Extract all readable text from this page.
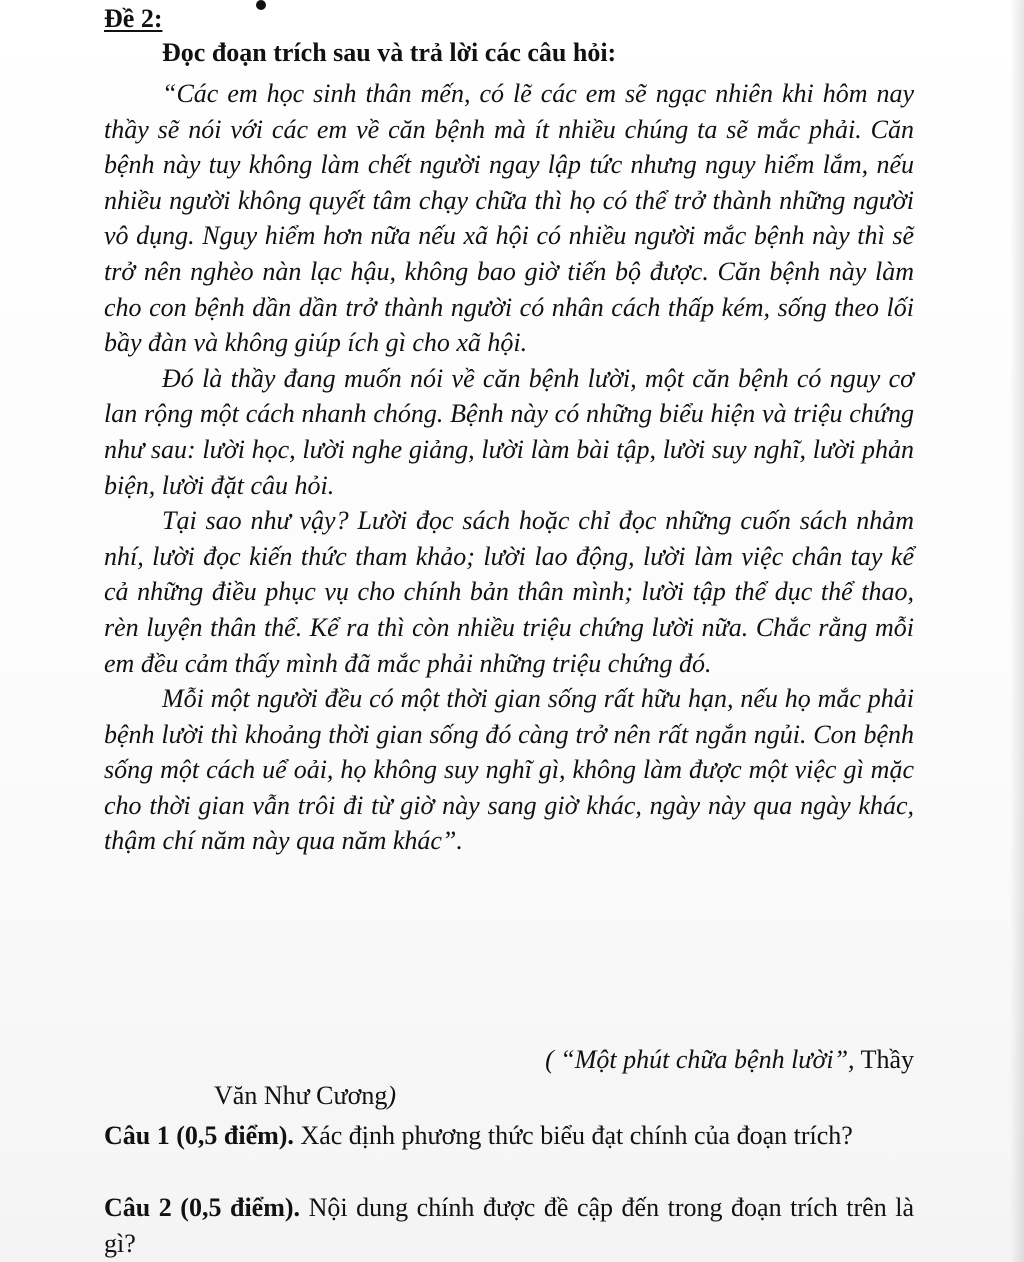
Đề 2:
Đọc đoạn trích sau và trả lời các câu hỏi:

“Các em học sinh thân mến, có lẽ các em sẽ ngạc nhiên khi hôm nay thầy sẽ nói với các em về căn bệnh mà ít nhiều chúng ta sẽ mắc phải. Căn bệnh này tuy không làm chết người ngay lập tức nhưng nguy hiểm lắm, nếu nhiều người không quyết tâm chạy chữa thì họ có thể trở thành những người vô dụng. Nguy hiểm hơn nữa nếu xã hội có nhiều người mắc bệnh này thì sẽ trở nên nghèo nàn lạc hậu, không bao giờ tiến bộ được. Căn bệnh này làm cho con bệnh dần dần trở thành người có nhân cách thấp kém, sống theo lối bầy đàn và không giúp ích gì cho xã hội.

Đó là thầy đang muốn nói về căn bệnh lười, một căn bệnh có nguy cơ lan rộng một cách nhanh chóng. Bệnh này có những biểu hiện và triệu chứng như sau: lười học, lười nghe giảng, lười làm bài tập, lười suy nghĩ, lười phản biện, lười đặt câu hỏi.

Tại sao như vậy? Lười đọc sách hoặc chỉ đọc những cuốn sách nhảm nhí, lười đọc kiến thức tham khảo; lười lao động, lười làm việc chân tay kể cả những điều phục vụ cho chính bản thân mình; lười tập thể dục thể thao, rèn luyện thân thể. Kể ra thì còn nhiều triệu chứng lười nữa. Chắc rằng mỗi em đều cảm thấy mình đã mắc phải những triệu chứng đó.

Mỗi một người đều có một thời gian sống rất hữu hạn, nếu họ mắc phải bệnh lười thì khoảng thời gian sống đó càng trở nên rất ngắn ngủi. Con bệnh sống một cách uể oải, họ không suy nghĩ gì, không làm được một việc gì mặc cho thời gian vẫn trôi đi từ giờ này sang giờ khác, ngày này qua ngày khác, thậm chí năm này qua năm khác”.

( “Một phút chữa bệnh lười”, Thầy
Văn Như Cương)

Câu 1 (0,5 điểm). Xác định phương thức biểu đạt chính của đoạn trích?

Câu 2 (0,5 điểm). Nội dung chính được đề cập đến trong đoạn trích trên là gì?
